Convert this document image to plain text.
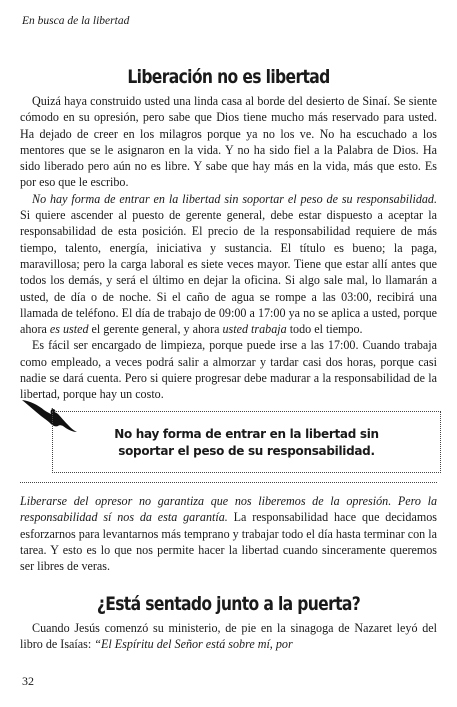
En busca de la libertad
Liberación no es libertad

Quizá haya construido usted una linda casa al borde del desierto de Sinaí. Se siente cómodo en su opresión, pero sabe que Dios tiene mucho más reservado para usted. Ha dejado de creer en los milagros porque ya no los ve. No ha escuchado a los mentores que se le asignaron en la vida. Y no ha sido fiel a la Palabra de Dios. Ha sido liberado pero aún no es libre. Y sabe que hay más en la vida, más que esto. Es por eso que le escribo.

No hay forma de entrar en la libertad sin soportar el peso de su responsabilidad. Si quiere ascender al puesto de gerente general, debe estar dispuesto a aceptar la responsabilidad de esta posición. El precio de la responsabilidad requiere de más tiempo, talento, energía, iniciativa y sustancia. El título es bueno; la paga, maravillosa; pero la carga laboral es siete veces mayor. Tiene que estar allí antes que todos los demás, y será el último en dejar la oficina. Si algo sale mal, lo llamarán a usted, de día o de noche. Si el caño de agua se rompe a las 03:00, recibirá una llamada de teléfono. El día de trabajo de 09:00 a 17:00 ya no se aplica a usted, porque ahora es usted el gerente general, y ahora usted trabaja todo el tiempo.

Es fácil ser encargado de limpieza, porque puede irse a las 17:00. Cuando trabaja como empleado, a veces podrá salir a almorzar y tardar casi dos horas, porque casi nadie se dará cuenta. Pero si quiere progresar debe madurar a la responsabilidad de la libertad, porque hay un costo.

No hay forma de entrar en la libertad sin
soportar el peso de su responsabilidad.

Liberarse del opresor no garantiza que nos liberemos de la opresión. Pero la responsabilidad sí nos da esta garantía. La responsabilidad hace que decidamos esforzarnos para levantarnos más temprano y trabajar todo el día hasta terminar con la tarea. Y esto es lo que nos permite hacer la libertad cuando sinceramente queremos ser libres de veras.

¿Está sentado junto a la puerta?

Cuando Jesús comenzó su ministerio, de pie en la sinagoga de Nazaret leyó del libro de Isaías: “El Espíritu del Señor está sobre mí, por

32
